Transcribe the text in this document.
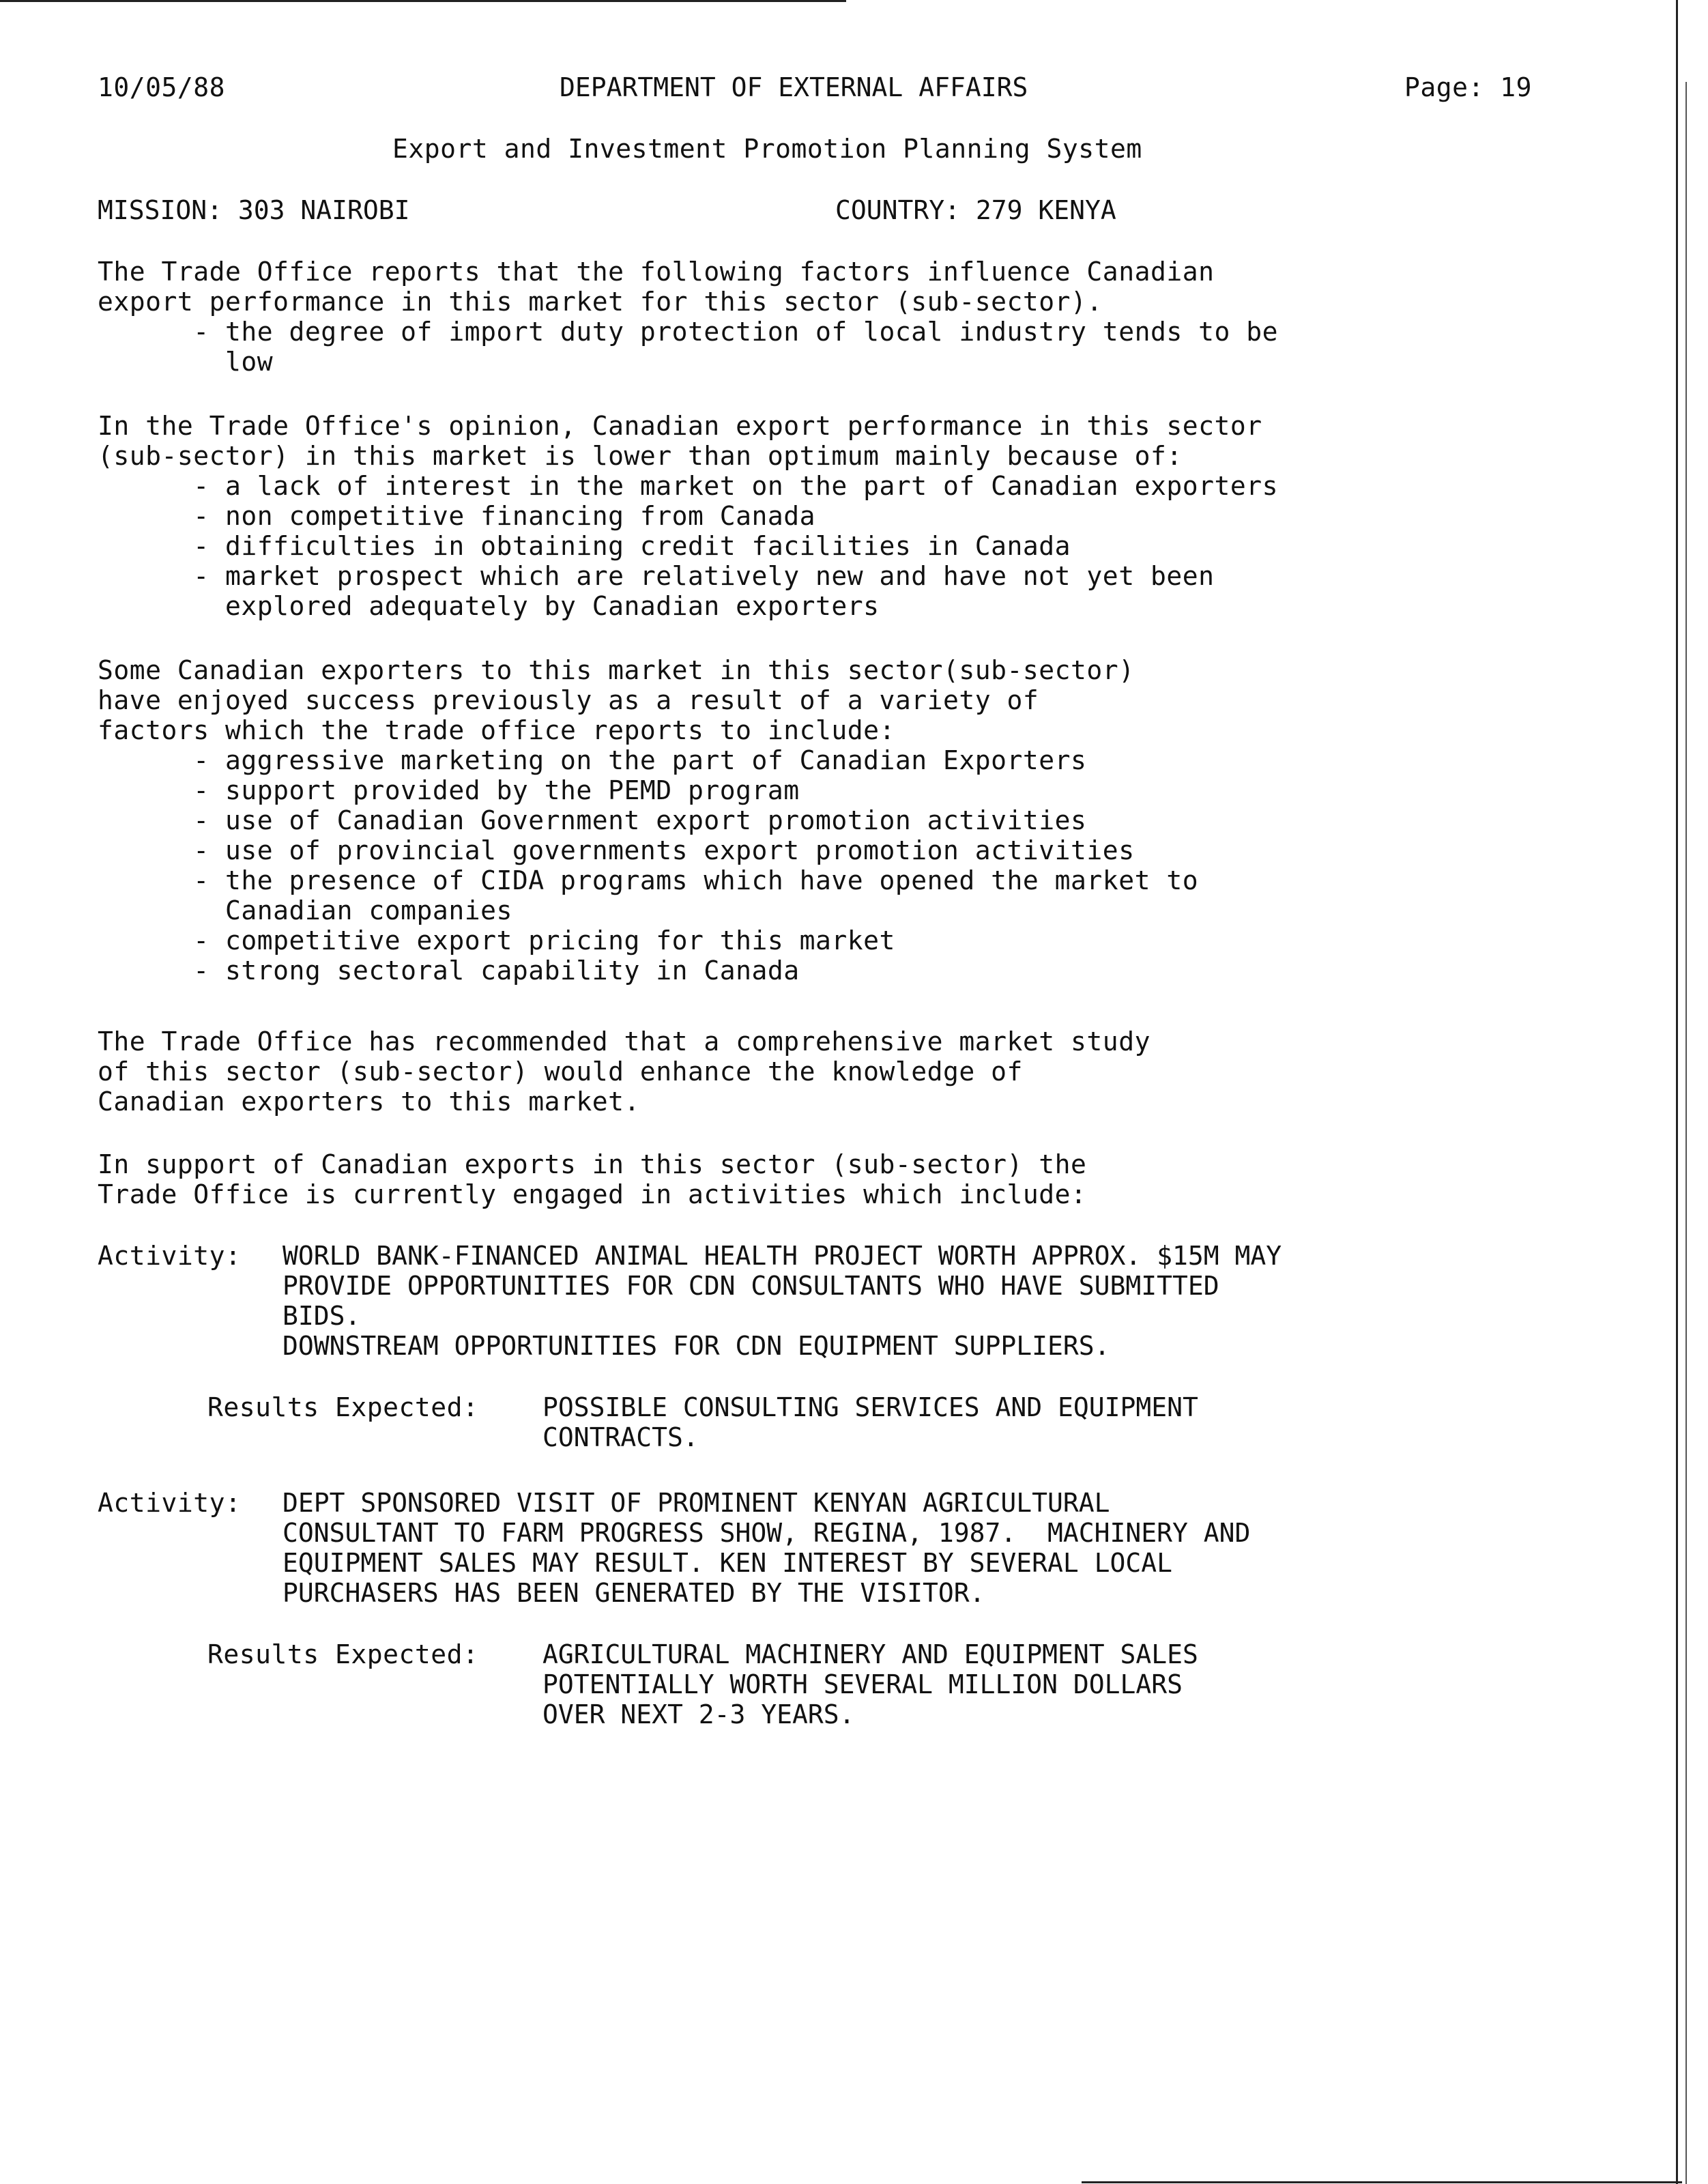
10/05/88	DEPARTMENT OF EXTERNAL AFFAIRS	Page: 19
Export and Investment Promotion Planning System
MISSION: 303 NAIROBI	COUNTRY: 279 KENYA
The Trade Office reports that the following factors influence Canadian
export performance in this market for this sector (sub-sector).
- the degree of import duty protection of local industry tends to be
low
In the Trade Office's opinion, Canadian export performance in this sector
(sub-sector) in this market is lower than optimum mainly because of:
- a lack of interest in the market on the part of Canadian exporters
- non competitive financing from Canada
- difficulties in obtaining credit facilities in Canada
- market prospect which are relatively new and have not yet been
explored adequately by Canadian exporters
Some Canadian exporters to this market in this sector(sub-sector)
have enjoyed success previously as a result of a variety of
factors which the trade office reports to include:
- aggressive marketing on the part of Canadian Exporters
- support provided by the PEMD program
- use of Canadian Government export promotion activities
- use of provincial governments export promotion activities
- the presence of CIDA programs which have opened the market to
Canadian companies
- competitive export pricing for this market
- strong sectoral capability in Canada
The Trade Office has recommended that a comprehensive market study
of this sector (sub-sector) would enhance the knowledge of
Canadian exporters to this market.
In support of Canadian exports in this sector (sub-sector) the
Trade Office is currently engaged in activities which include:
Activity: WORLD BANK-FINANCED ANIMAL HEALTH PROJECT WORTH APPROX. $15M MAY
PROVIDE OPPORTUNITIES FOR CDN CONSULTANTS WHO HAVE SUBMITTED
BIDS.
DOWNSTREAM OPPORTUNITIES FOR CDN EQUIPMENT SUPPLIERS.
Results Expected: POSSIBLE CONSULTING SERVICES AND EQUIPMENT
CONTRACTS.
Activity: DEPT SPONSORED VISIT OF PROMINENT KENYAN AGRICULTURAL
CONSULTANT TO FARM PROGRESS SHOW, REGINA, 1987.  MACHINERY AND
EQUIPMENT SALES MAY RESULT. KEN INTEREST BY SEVERAL LOCAL
PURCHASERS HAS BEEN GENERATED BY THE VISITOR.
Results Expected: AGRICULTURAL MACHINERY AND EQUIPMENT SALES
POTENTIALLY WORTH SEVERAL MILLION DOLLARS
OVER NEXT 2-3 YEARS.
